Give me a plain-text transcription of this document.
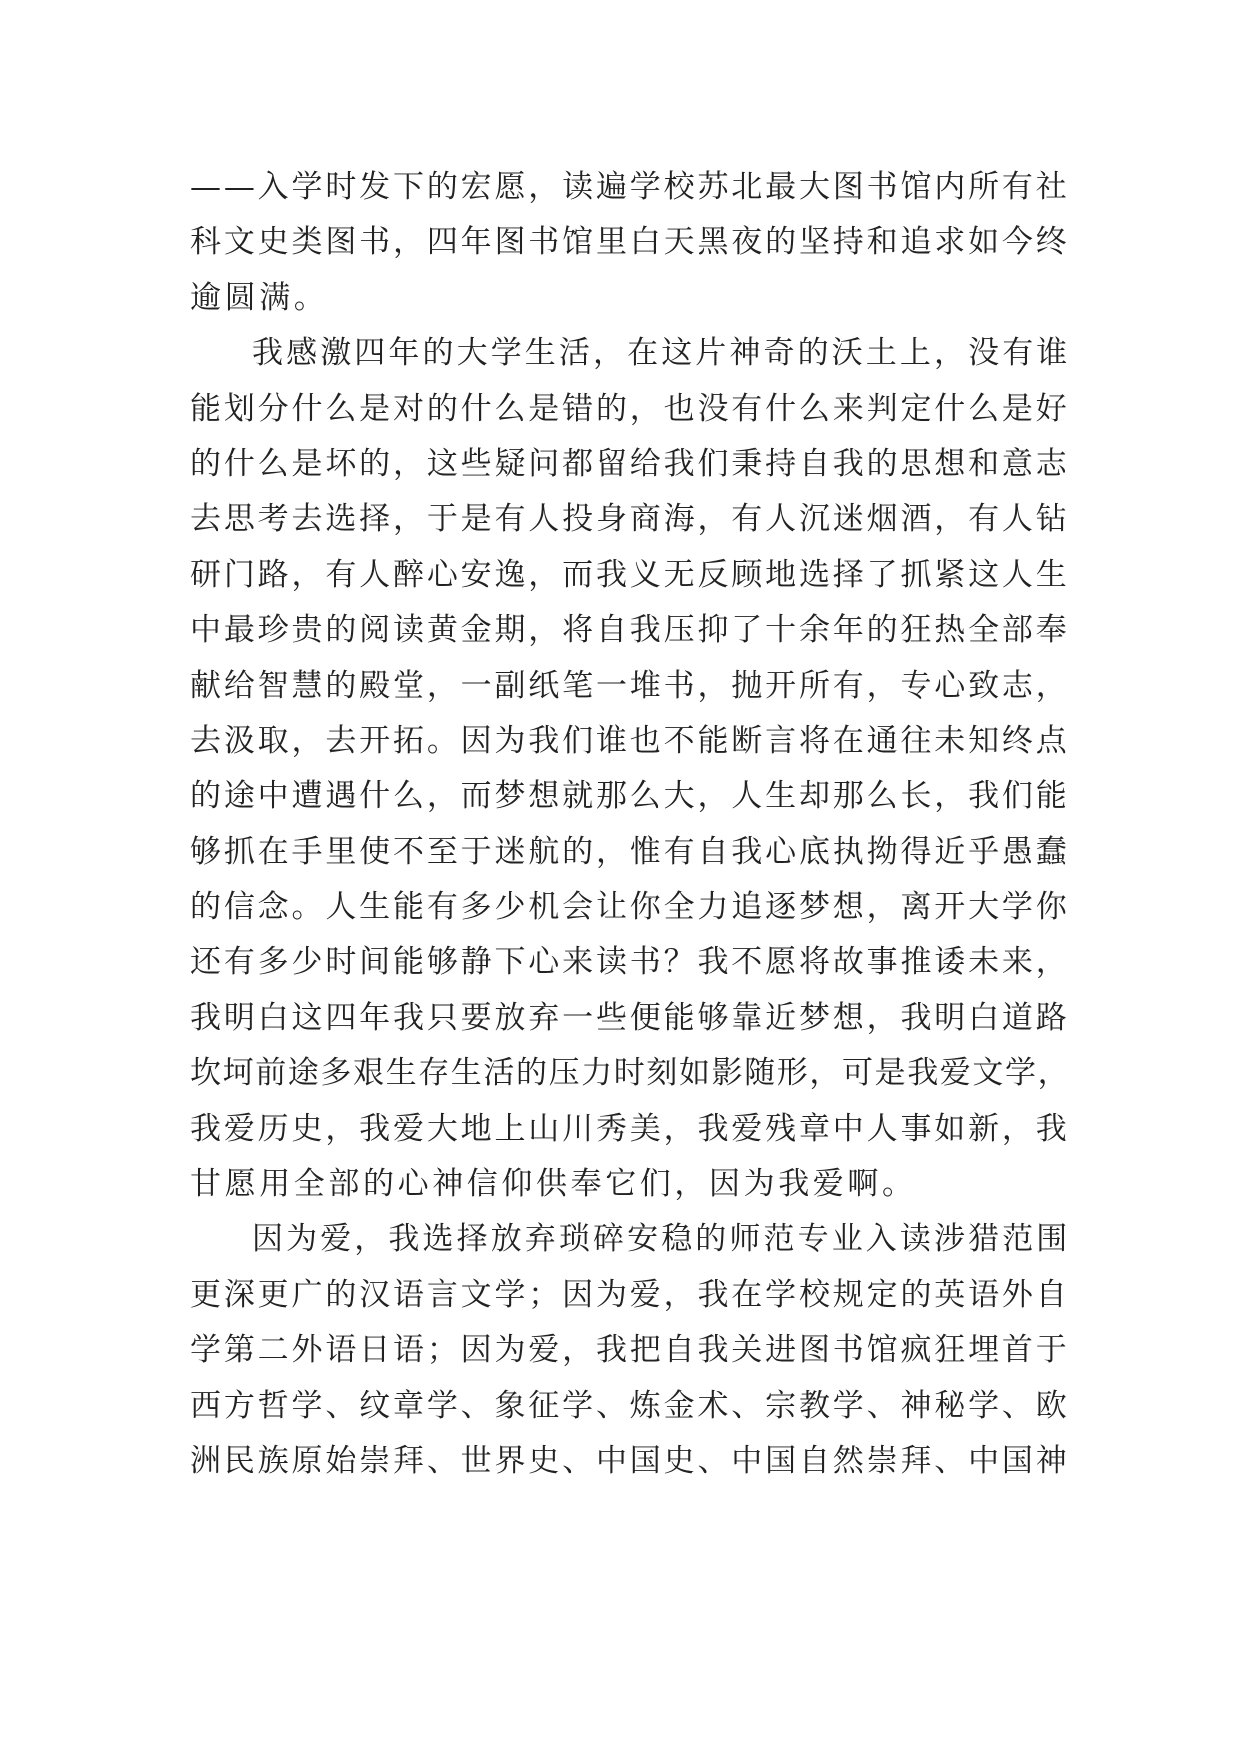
——入学时发下的宏愿，读遍学校苏北最大图书馆内所有社
科文史类图书，四年图书馆里白天黑夜的坚持和追求如今终
逾圆满。
我感激四年的大学生活，在这片神奇的沃土上，没有谁
能划分什么是对的什么是错的，也没有什么来判定什么是好
的什么是坏的，这些疑问都留给我们秉持自我的思想和意志
去思考去选择，于是有人投身商海，有人沉迷烟酒，有人钻
研门路，有人醉心安逸，而我义无反顾地选择了抓紧这人生
中最珍贵的阅读黄金期，将自我压抑了十余年的狂热全部奉
献给智慧的殿堂，一副纸笔一堆书，抛开所有，专心致志，
去汲取，去开拓。因为我们谁也不能断言将在通往未知终点
的途中遭遇什么，而梦想就那么大，人生却那么长，我们能
够抓在手里使不至于迷航的，惟有自我心底执拗得近乎愚蠢
的信念。人生能有多少机会让你全力追逐梦想，离开大学你
还有多少时间能够静下心来读书？我不愿将故事推诿未来，
我明白这四年我只要放弃一些便能够靠近梦想，我明白道路
坎坷前途多艰生存生活的压力时刻如影随形，可是我爱文学，
我爱历史，我爱大地上山川秀美，我爱残章中人事如新，我
甘愿用全部的心神信仰供奉它们，因为我爱啊。
因为爱，我选择放弃琐碎安稳的师范专业入读涉猎范围
更深更广的汉语言文学；因为爱，我在学校规定的英语外自
学第二外语日语；因为爱，我把自我关进图书馆疯狂埋首于
西方哲学、纹章学、象征学、炼金术、宗教学、神秘学、欧
洲民族原始崇拜、世界史、中国史、中国自然崇拜、中国神
